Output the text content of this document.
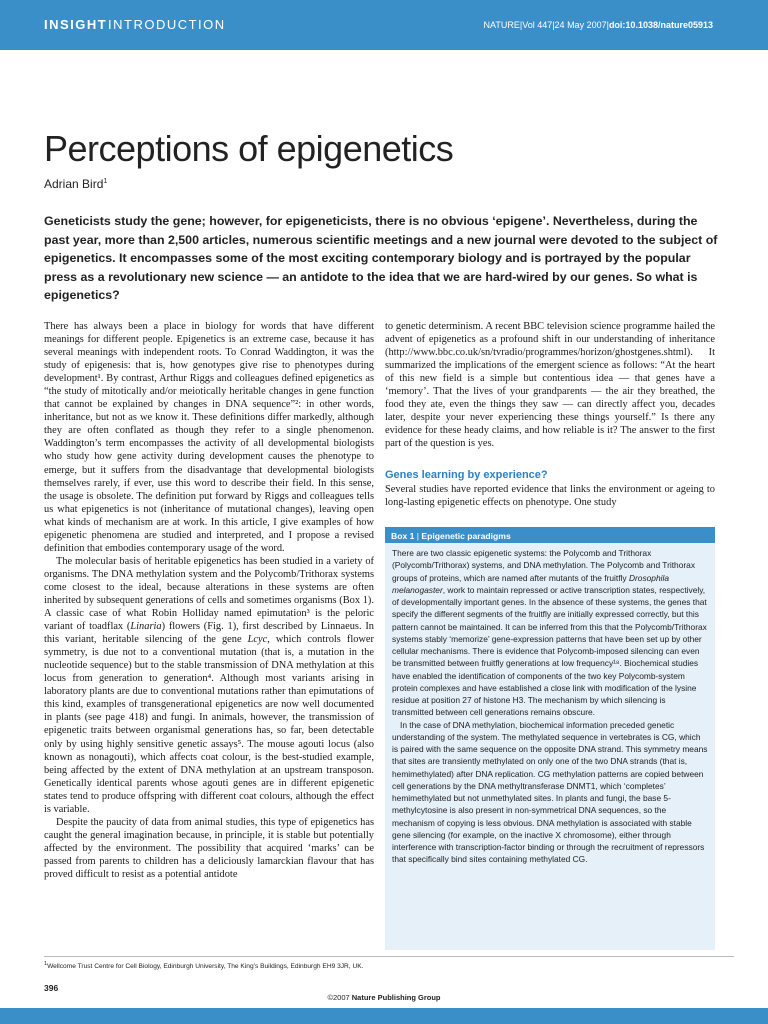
INSIGHT INTRODUCTION	NATURE|Vol 447|24 May 2007|doi:10.1038/nature05913
Perceptions of epigenetics
Adrian Bird$^1$

Geneticists study the gene; however, for epigeneticists, there is no obvious ‘epigene’. Nevertheless, during the past year, more than 2,500 articles, numerous scientific meetings and a new journal were devoted to the subject of epigenetics. It encompasses some of the most exciting contemporary biology and is portrayed by the popular press as a revolutionary new science — an antidote to the idea that we are hard-wired by our genes. So what is epigenetics?

There has always been a place in biology for words that have different meanings for different people. Epigenetics is an extreme case, because it has several meanings with independent roots. To Conrad Waddington, it was the study of epigenesis: that is, how genotypes give rise to phenotypes during development¹. By contrast, Arthur Riggs and colleagues defined epigenetics as “the study of mitotically and/or meiotically heritable changes in gene function that cannot be explained by changes in DNA sequence”²: in other words, inheritance, but not as we know it. These definitions differ markedly, although they are often conflated as though they refer to a single phenomenon. Waddington’s term encompasses the activity of all developmental biologists who study how gene activity during development causes the phenotype to emerge, but it suffers from the disadvantage that developmental biologists themselves rarely, if ever, use this word to describe their field. In this sense, the usage is obsolete. The definition put forward by Riggs and colleagues tells us what epigenetics is not (inheritance of mutational changes), leaving open what kinds of mechanism are at work. In this article, I give examples of how epigenetic phenomena are studied and interpreted, and I propose a revised definition that embodies contemporary usage of the word.

The molecular basis of heritable epigenetics has been studied in a variety of organisms. The DNA methylation system and the Polycomb/Trithorax systems come closest to the ideal, because alterations in these systems are often inherited by subsequent generations of cells and sometimes organisms (Box 1). A classic case of what Robin Holliday named epimutation³ is the peloric variant of toadflax (Linaria) flowers (Fig. 1), first described by Linnaeus. In this variant, heritable silencing of the gene Lcyc, which controls flower symmetry, is due not to a conventional mutation (that is, a mutation in the nucleotide sequence) but to the stable transmission of DNA methylation at this locus from generation to generation⁴. Although most variants arising in laboratory plants are due to conventional mutations rather than epimutations of this kind, examples of transgenerational epigenetics are now well documented in plants (see page 418) and fungi. In animals, however, the transmission of epigenetic traits between organismal generations has, so far, been detectable only by using highly sensitive genetic assays⁵. The mouse agouti locus (also known as nonagouti), which affects coat colour, is the best-studied example, being affected by the extent of DNA methylation at an upstream transposon. Genetically identical parents whose agouti genes are in different epigenetic states tend to produce offspring with different coat colours, although the effect is variable.

Despite the paucity of data from animal studies, this type of epigenetics has caught the general imagination because, in principle, it is stable but potentially affected by the environment. The possibility that acquired ‘marks’ can be passed from parents to children has a deliciously lamarckian flavour that has proved difficult to resist as a potential antidote

to genetic determinism. A recent BBC television science programme hailed the advent of epigenetics as a profound shift in our understanding of inheritance (http://www.bbc.co.uk/sn/tvradio/programmes/horizon/ghostgenes.shtml). It summarized the implications of the emergent science as follows: “At the heart of this new field is a simple but contentious idea — that genes have a ‘memory’. That the lives of your grandparents — the air they breathed, the food they ate, even the things they saw — can directly affect you, decades later, despite your never experiencing these things yourself.” Is there any evidence for these heady claims, and how reliable is it? The answer to the first part of the question is yes.

Genes learning by experience?

Several studies have reported evidence that links the environment or ageing to long-lasting epigenetic effects on phenotype. One study

Box 1 | Epigenetic paradigms

There are two classic epigenetic systems: the Polycomb and Trithorax (Polycomb/Trithorax) systems, and DNA methylation. The Polycomb and Trithorax groups of proteins, which are named after mutants of the fruitfly Drosophila melanogaster, work to maintain repressed or active transcription states, respectively, of developmentally important genes. In the absence of these systems, the genes that specify the different segments of the fruitfly are initially expressed correctly, but this pattern cannot be maintained. It can be inferred from this that the Polycomb/Trithorax systems stably ‘memorize’ gene-expression patterns that have been set up by other cellular mechanisms. There is evidence that Polycomb-imposed silencing can even be transmitted between fruitfly generations at low frequency¹⁸. Biochemical studies have enabled the identification of components of the two key Polycomb-system protein complexes and have established a close link with modification of the lysine residue at position 27 of histone H3. The mechanism by which silencing is transmitted between cell generations remains obscure.

In the case of DNA methylation, biochemical information preceded genetic understanding of the system. The methylated sequence in vertebrates is CG, which is paired with the same sequence on the opposite DNA strand. This symmetry means that sites are transiently methylated on only one of the two DNA strands (that is, hemimethylated) after DNA replication. CG methylation patterns are copied between cell generations by the DNA methyltransferase DNMT1, which ‘completes’ hemimethylated but not unmethylated sites. In plants and fungi, the base 5-methylcytosine is also present in non-symmetrical DNA sequences, so the mechanism of copying is less obvious. DNA methylation is associated with stable gene silencing (for example, on the inactive X chromosome), either through interference with transcription-factor binding or through the recruitment of repressors that specifically bind sites containing methylated CG.

$^1$Wellcome Trust Centre for Cell Biology, Edinburgh University, The King’s Buildings, Edinburgh EH9 3JR, UK.
396
©2007 Nature Publishing Group
